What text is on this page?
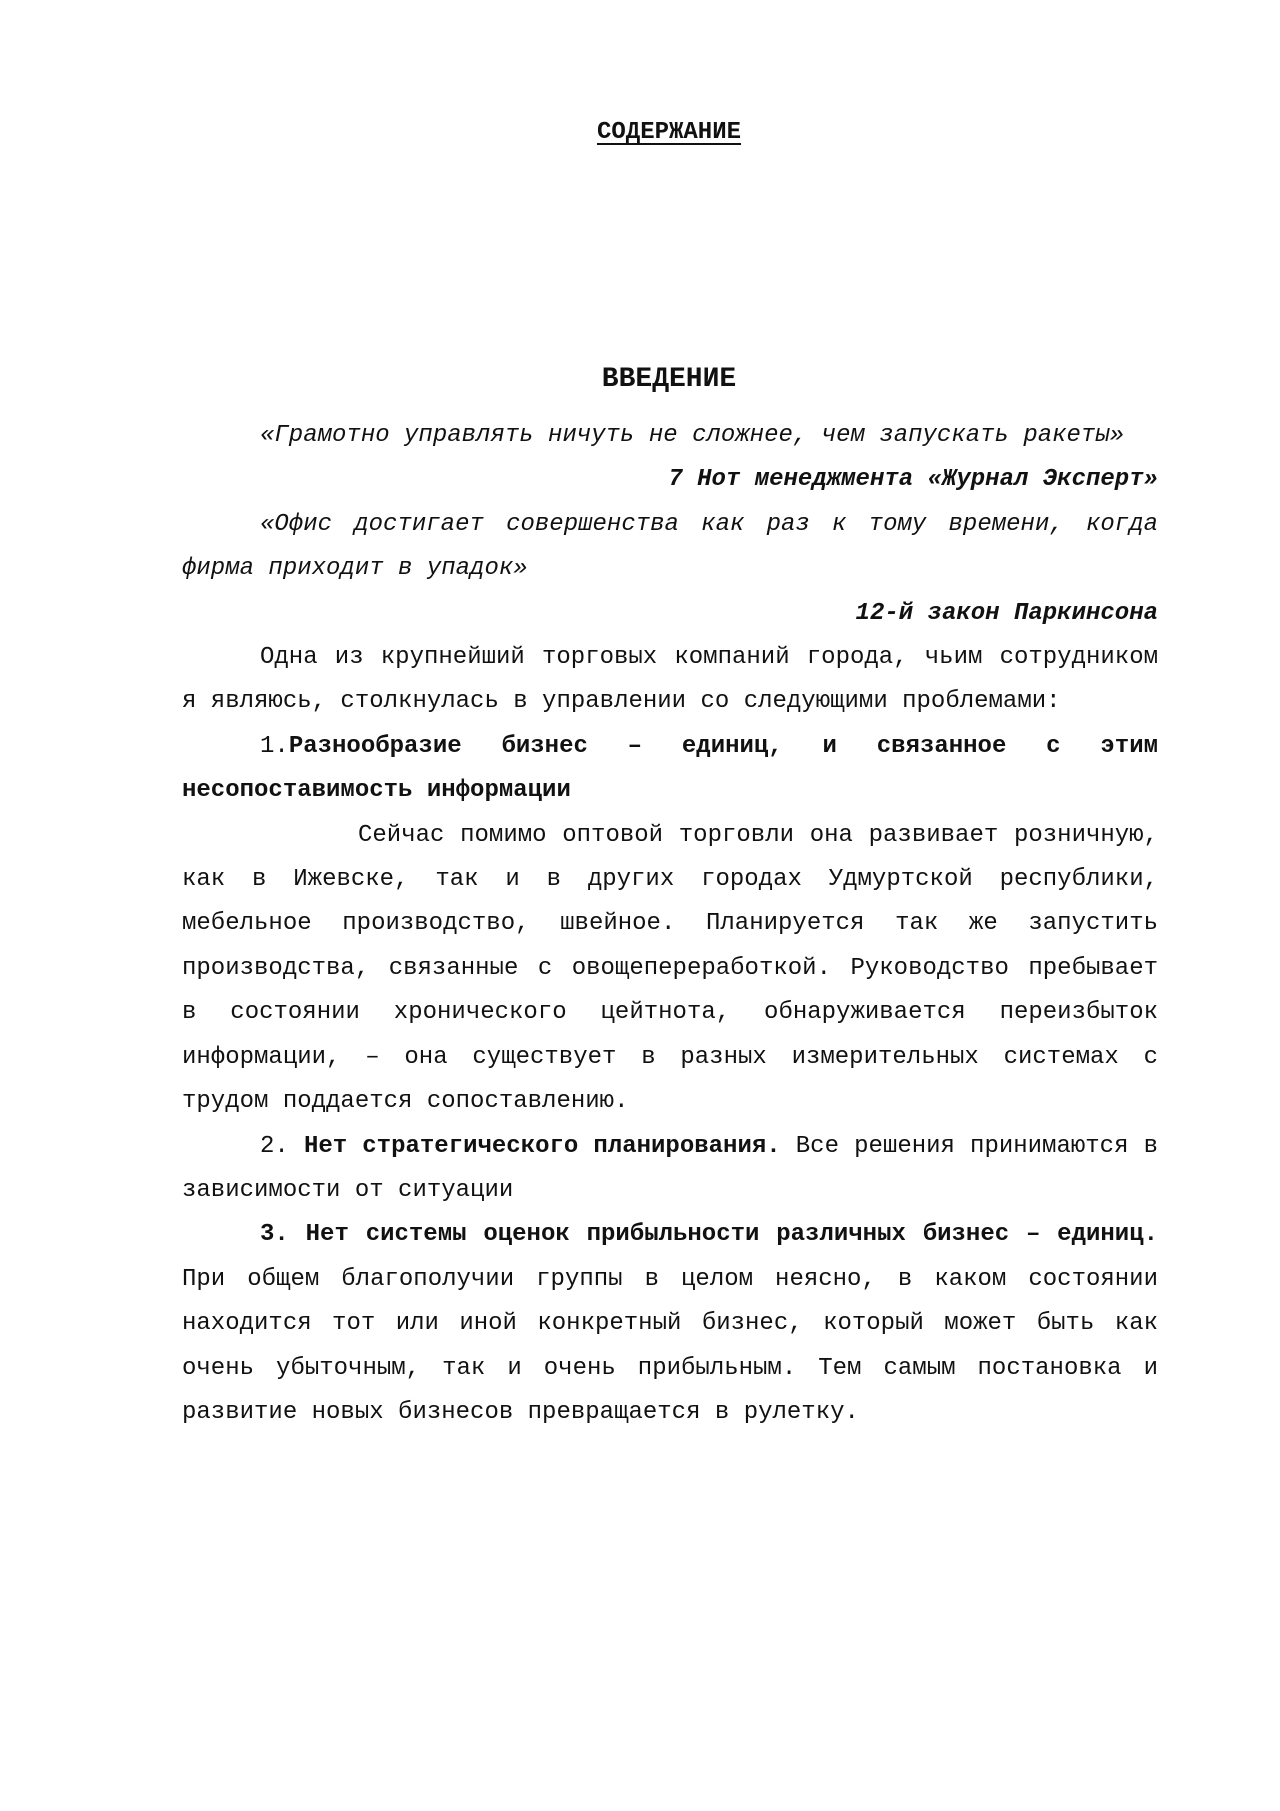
СОДЕРЖАНИЕ
ВВЕДЕНИЕ

«Грамотно управлять ничуть не сложнее, чем запускать ракеты»

7 Нот менеджмента «Журнал Эксперт»

«Офис достигает совершенства как раз к тому времени, когда фирма приходит в упадок»

12-й закон Паркинсона

Одна из крупнейший торговых компаний города, чьим сотрудником я являюсь, столкнулась в управлении со следующими проблемами:

1.Разнообразие бизнес – единиц, и связанное с этим несопоставимость информации

Сейчас помимо оптовой торговли она развивает розничную, как в Ижевске, так и в других городах Удмуртской республики, мебельное производство, швейное. Планируется так же запустить производства, связанные с овощепереработкой. Руководство пребывает в состоянии хронического цейтнота, обнаруживается переизбыток информации, – она существует в разных измерительных системах с трудом поддается сопоставлению.

2. Нет стратегического планирования. Все решения принимаются в зависимости от ситуации

3. Нет системы оценок прибыльности различных бизнес – единиц. При общем благополучии группы в целом неясно, в каком состоянии находится тот или иной конкретный бизнес, который может быть как очень убыточным, так и очень прибыльным. Тем самым постановка и развитие новых бизнесов превращается в рулетку.
